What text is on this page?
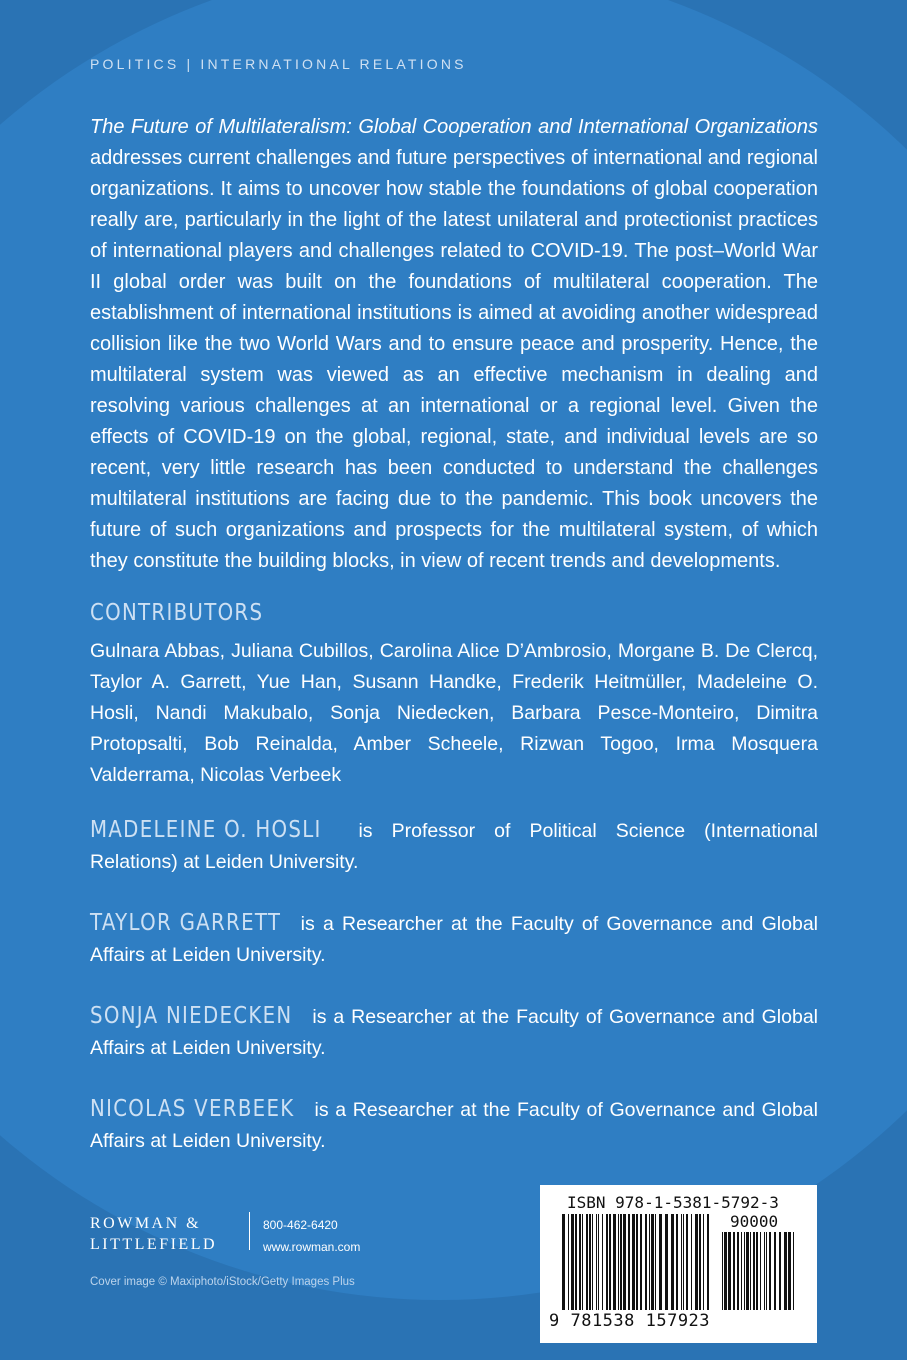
POLITICS | INTERNATIONAL RELATIONS

The Future of Multilateralism: Global Cooperation and International Organizations addresses current challenges and future perspectives of international and regional organizations. It aims to uncover how stable the foundations of global cooperation really are, particularly in the light of the latest unilateral and protectionist practices of international players and challenges related to COVID-19. The post–World War II global order was built on the foundations of multilateral cooperation. The establishment of international institutions is aimed at avoiding another widespread collision like the two World Wars and to ensure peace and prosperity. Hence, the multilateral system was viewed as an effective mechanism in dealing and resolving various challenges at an international or a regional level. Given the effects of COVID-19 on the global, regional, state, and individual levels are so recent, very little research has been conducted to understand the challenges multilateral institutions are facing due to the pandemic. This book uncovers the future of such organizations and prospects for the multilateral system, of which they constitute the building blocks, in view of recent trends and developments.

CONTRIBUTORS

Gulnara Abbas, Juliana Cubillos, Carolina Alice D’Ambrosio, Morgane B. De Clercq, Taylor A. Garrett, Yue Han, Susann Handke, Frederik Heitmüller, Madeleine O. Hosli, Nandi Makubalo, Sonja Niedecken, Barbara Pesce-Monteiro, Dimitra Protopsalti, Bob Reinalda, Amber Scheele, Rizwan Togoo, Irma Mosquera Valderrama, Nicolas Verbeek

MADELEINE O. HOSLI is Professor of Political Science (International Relations) at Leiden University.

TAYLOR GARRETT is a Researcher at the Faculty of Governance and Global Affairs at Leiden University.

SONJA NIEDECKEN is a Researcher at the Faculty of Governance and Global Affairs at Leiden University.

NICOLAS VERBEEK is a Researcher at the Faculty of Governance and Global Affairs at Leiden University.

ROWMAN &
LITTLEFIELD
800-462-6420
www.rowman.com
Cover image © Maxiphoto/iStock/Getty Images Plus
ISBN 978-1-5381-5792-3
90000
9 781538 157923
